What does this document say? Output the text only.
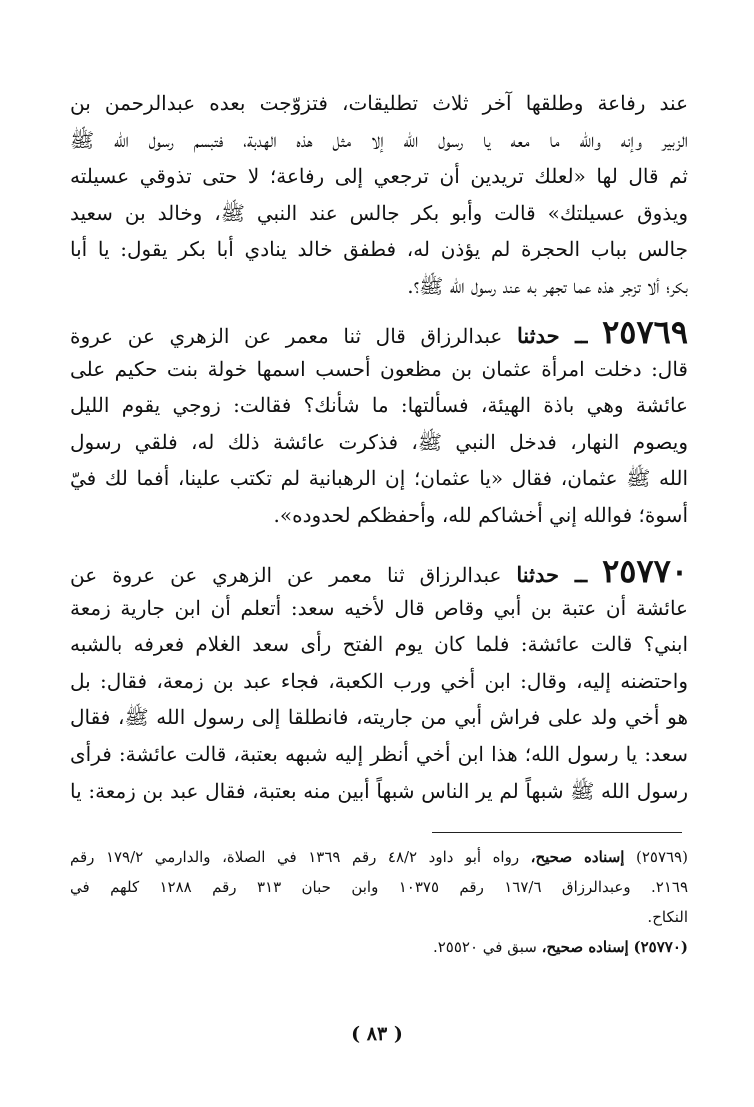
عند رفاعة وطلقها آخر ثلاث تطليقات، فتزوّجت بعده عبدالرحمن بن
الزبير وإنه والله ما معه يا رسول الله إلا مثل هذه الهدبة، فتبسم رسول الله ﷺ
ثم قال لها «لعلك تريدين أن ترجعي إلى رفاعة؛ لا حتى تذوقي عسيلته
ويذوق عسيلتك» قالت وأبو بكر جالس عند النبي ﷺ، وخالد بن سعيد
جالس بباب الحجرة لم يؤذن له، فطفق خالد ينادي أبا بكر يقول: يا أبا
بكر؛ ألا تزجر هذه عما تجهر به عند رسول الله ﷺ؟.
٢٥٧٦٩ ــ حدثنا عبدالرزاق قال ثنا معمر عن الزهري عن عروة
قال: دخلت امرأة عثمان بن مظعون أحسب اسمها خولة بنت حكيم على
عائشة وهي باذة الهيئة، فسألتها: ما شأنك؟ فقالت: زوجي يقوم الليل
ويصوم النهار، فدخل النبي ﷺ، فذكرت عائشة ذلك له، فلقي رسول
الله ﷺ عثمان، فقال «يا عثمان؛ إن الرهبانية لم تكتب علينا، أفما لك فيّ
أسوة؛ فوالله إني أخشاكم لله، وأحفظكم لحدوده».
٢٥٧٧٠ ــ حدثنا عبدالرزاق ثنا معمر عن الزهري عن عروة عن
عائشة أن عتبة بن أبي وقاص قال لأخيه سعد: أتعلم أن ابن جارية زمعة
ابني؟ قالت عائشة: فلما كان يوم الفتح رأى سعد الغلام فعرفه بالشبه
واحتضنه إليه، وقال: ابن أخي ورب الكعبة، فجاء عبد بن زمعة، فقال: بل
هو أخي ولد على فراش أبي من جاريته، فانطلقا إلى رسول الله ﷺ، فقال
سعد: يا رسول الله؛ هذا ابن أخي أنظر إليه شبهه بعتبة، قالت عائشة: فرأى
رسول الله ﷺ شبهاً لم ير الناس شبهاً أبين منه بعتبة، فقال عبد بن زمعة: يا
(٢٥٧٦٩) إسناده صحيح، رواه أبو داود ٤٨/٢ رقم ١٣٦٩ في الصلاة، والدارمي ١٧٩/٢ رقم
٢١٦٩. وعبدالرزاق ١٦٧/٦ رقم ١٠٣٧٥ وابن حبان ٣١٣ رقم ١٢٨٨ كلهم في
النكاح.
(٢٥٧٧٠) إسناده صحيح، سبق في ٢٥٥٢٠.
( ٨٣ )
